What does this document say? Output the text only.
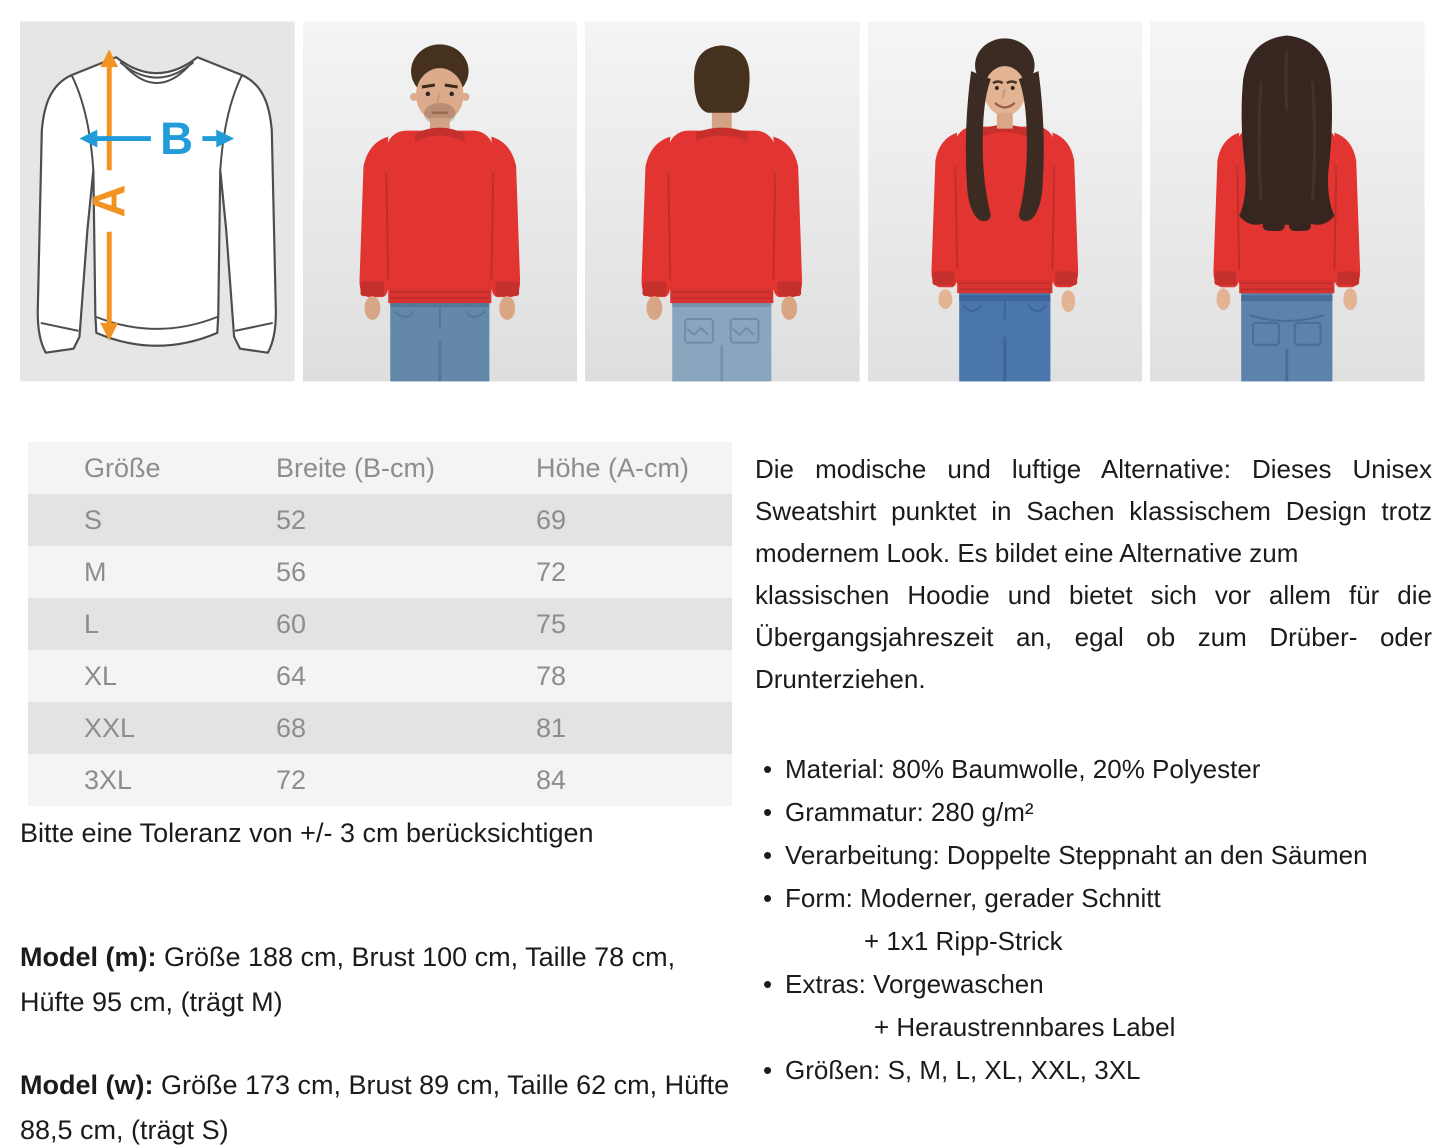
A
B
Größe	Breite (B-cm)	Höhe (A-cm)
S	52	69
M	56	72
L	60	75
XL	64	78
XXL	68	81
3XL	72	84
Bitte eine Toleranz von +/- 3 cm berücksichtigen

Model (m): Größe 188 cm, Brust 100 cm, Taille 78 cm, Hüfte 95 cm, (trägt M)

Model (w): Größe 173 cm, Brust 89 cm, Taille 62 cm, Hüfte 88,5 cm, (trägt S)

Die modische und luftige Alternative: Dieses Unisex Sweatshirt punktet in Sachen klassischem Design trotz modernem Look. Es bildet eine Alternative zum
klassischen Hoodie und bietet sich vor allem für die Übergangsjahreszeit an, egal ob zum Drüber- oder Drunterziehen.
• Material: 80% Baumwolle, 20% Polyester
• Grammatur: 280 g/m²
• Verarbeitung: Doppelte Steppnaht an den Säumen
• Form: Moderner, gerader Schnitt
+ 1x1 Ripp-Strick
• Extras: Vorgewaschen
+ Heraustrennbares Label
• Größen: S, M, L, XL, XXL, 3XL
